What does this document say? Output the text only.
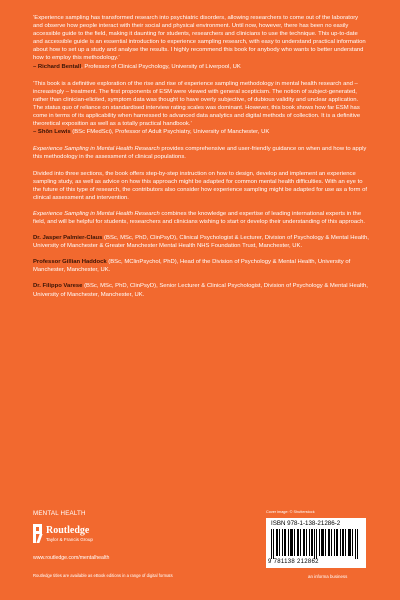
‘Experience sampling has transformed research into psychiatric disorders, allowing researchers to come out of the laboratory and observe how people interact with their social and physical environment. Until now, however, there has been no easily accessible guide to the field, making it daunting for students, researchers and clinicians to use the technique. This up-to-date and accessible guide is an essential introduction to experience sampling research, with easy to understand practical information about how to set up a study and analyse the results. I highly recommend this book for anybody who wants to better understand how to employ this methodology.’
– Richard Bentall, Professor of Clinical Psychology, University of Liverpool, UK

‘This book is a definitive exploration of the rise and rise of experience sampling methodology in mental health research and – increasingly – treatment. The first proponents of ESM were viewed with general scepticism. The notion of subject-generated, rather than clinician-elicited, symptom data was thought to have overly subjective, of dubious validity and unclear application. The status quo of reliance on standardised interview rating scales was dominant. However, this book shows how far ESM has come in terms of its applicability when harnessed to advanced data analytics and digital methods of collection. It is a definitive theoretical exposition as well as a totally practical handbook.’
– Shôn Lewis (BSc FMedSci), Professor of Adult Psychiatry, University of Manchester, UK

Experience Sampling in Mental Health Research provides comprehensive and user-friendly guidance on when and how to apply this methodology in the assessment of clinical populations.

Divided into three sections, the book offers step-by-step instruction on how to design, develop and implement an experience sampling study, as well as advice on how this approach might be adapted for common mental health difficulties. With an eye to the future of this type of research, the contributors also consider how experience sampling might be adapted for use as a form of clinical assessment and intervention.

Experience Sampling in Mental Health Research combines the knowledge and expertise of leading international experts in the field, and will be helpful for students, researchers and clinicians wishing to start or develop their understanding of this approach.

Dr. Jasper Palmier-Claus (BSc, MSc, PhD, ClinPsyD), Clinical Psychologist & Lecturer, Division of Psychology & Mental Health, University of Manchester & Greater Manchester Mental Health NHS Foundation Trust, Manchester, UK.

Professor Gillian Haddock (BSc, MClinPsychol, PhD), Head of the Division of Psychology & Mental Health, University of Manchester, Manchester, UK.

Dr. Filippo Varese (BSc, MSc, PhD, ClinPsyD), Senior Lecturer & Clinical Psychologist, Division of Psychology & Mental Health, University of Manchester, Manchester, UK.

MENTAL HEALTH
Routledge
Taylor & Francis Group
www.routledge.com/mentalhealth
Routledge titles are available as eBook editions in a range of digital formats
Cover image: © Shutterstock
ISBN 978-1-138-21286-2
9 781138 212862
an informa business
